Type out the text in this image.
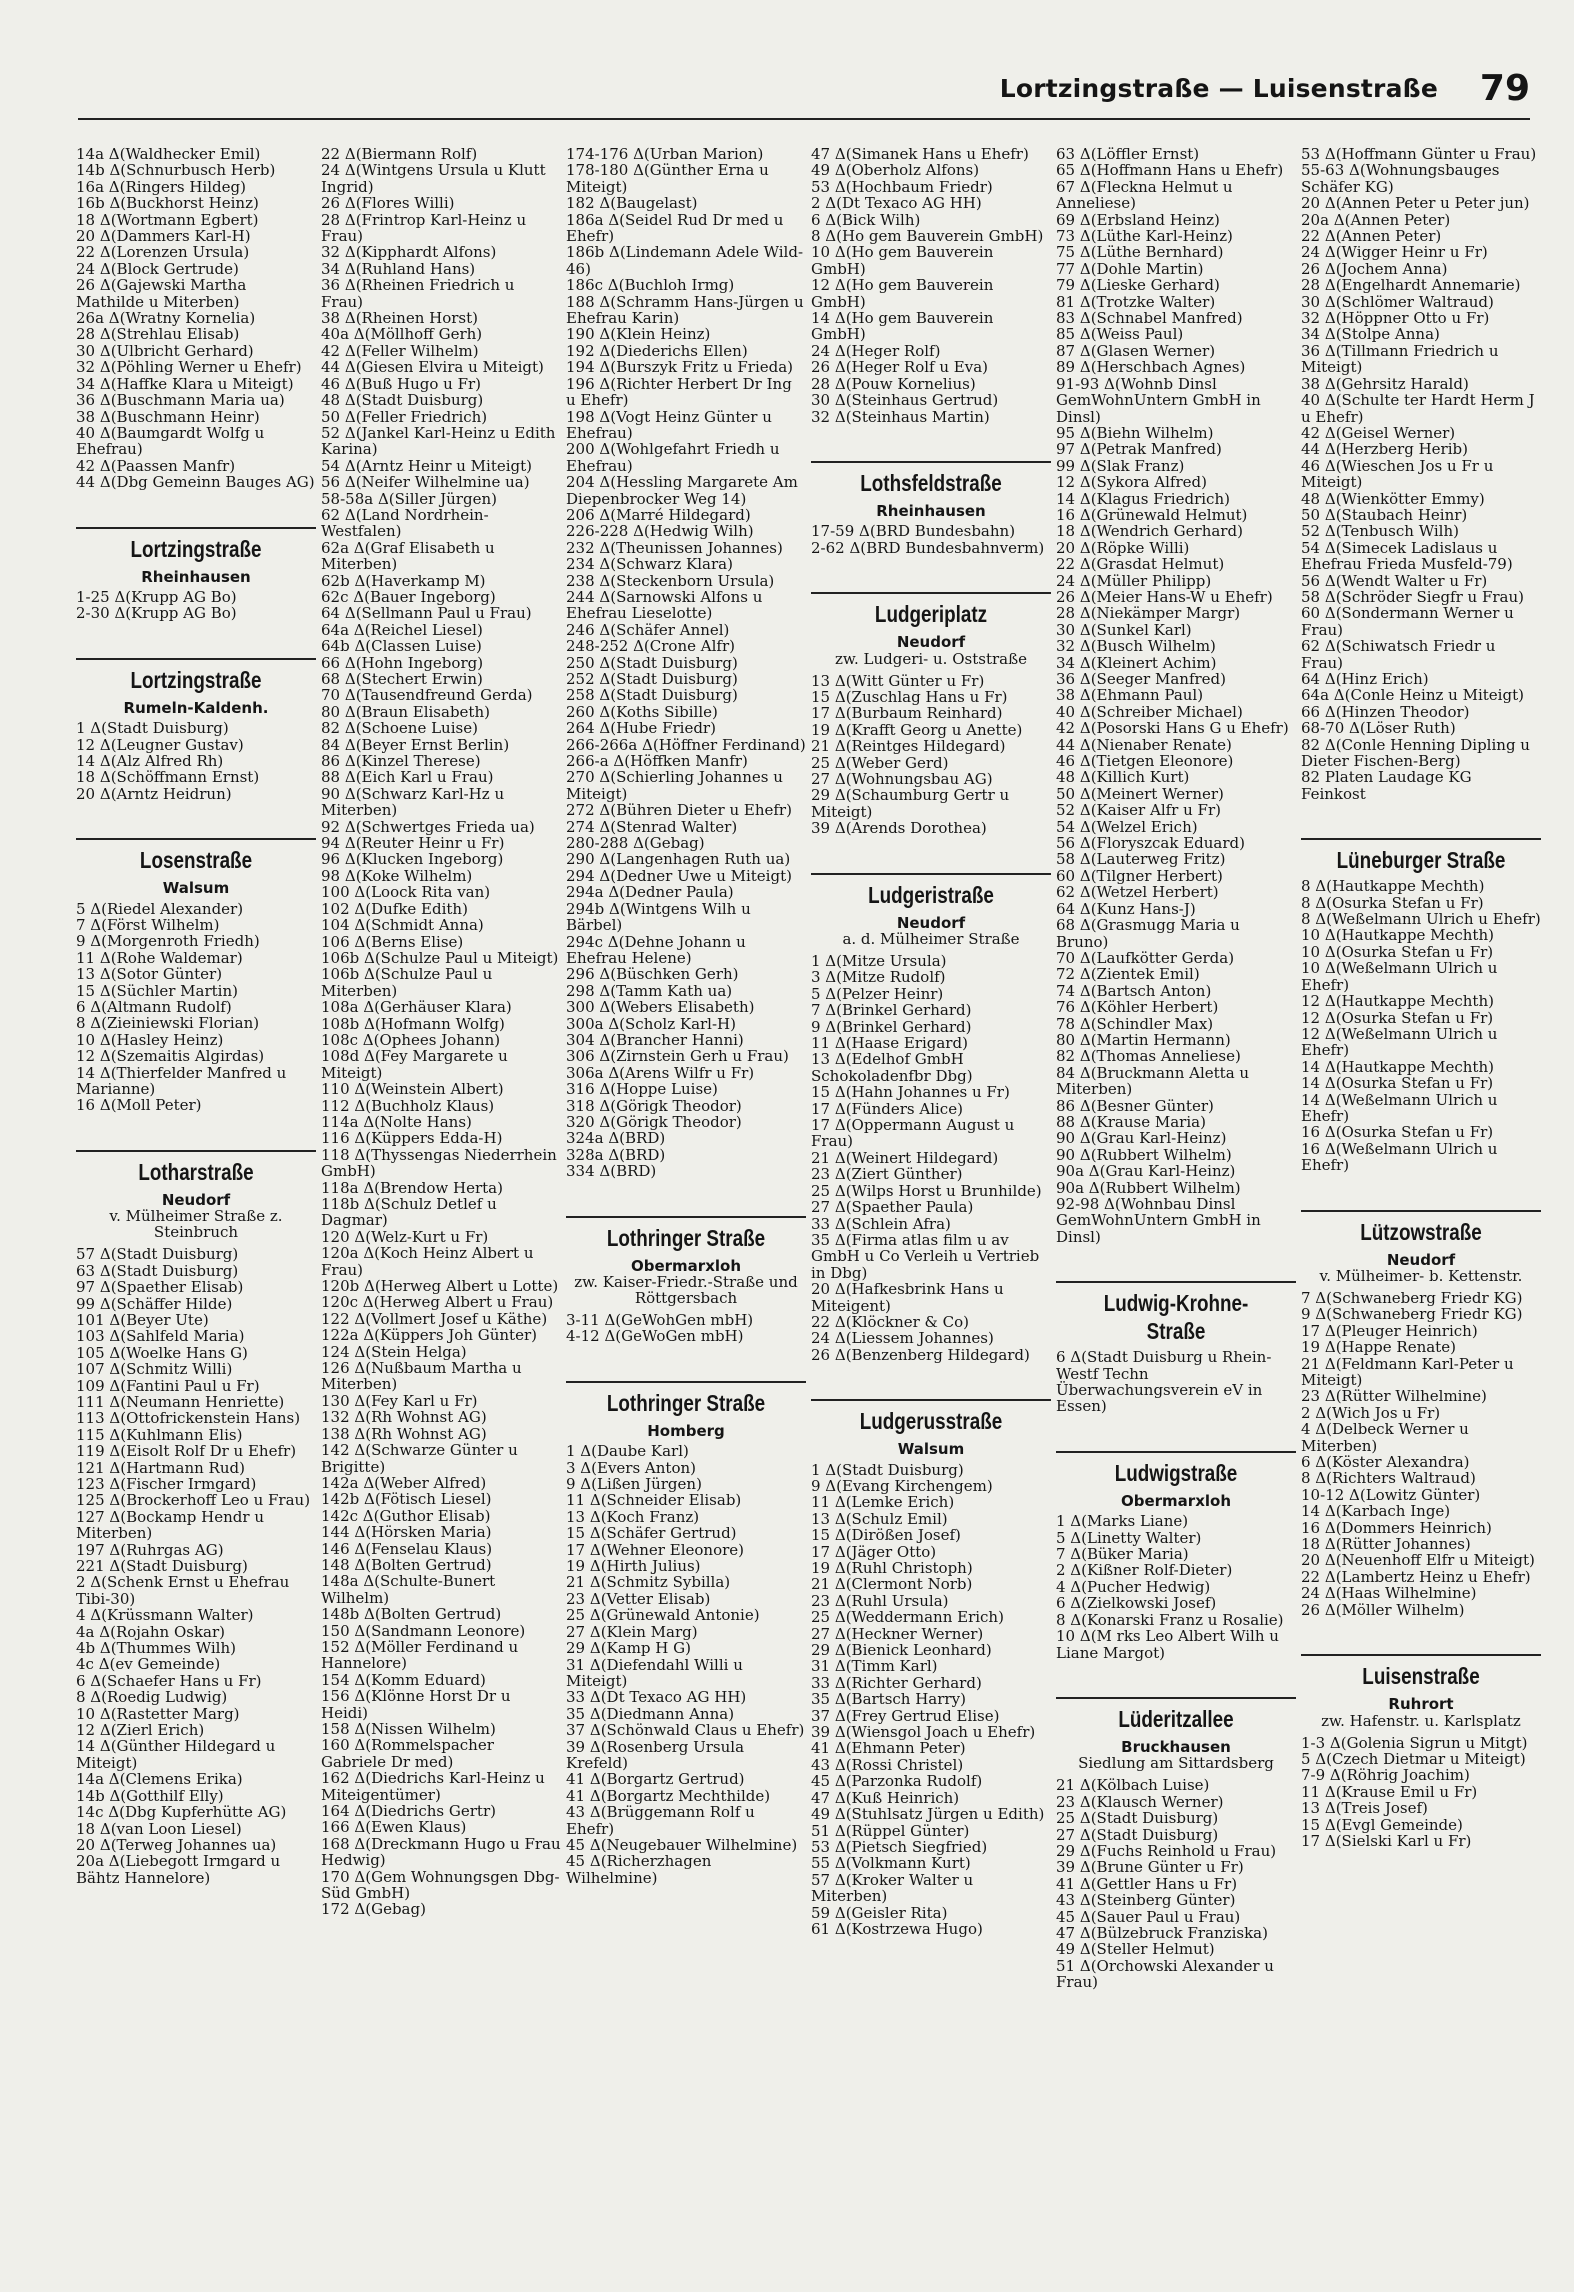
Lortzingstraße — Luisenstraße 79
14a Δ(Waldhecker Emil)
14b Δ(Schnurbusch Herb)
16a Δ(Ringers Hildeg)
16b Δ(Buckhorst Heinz)
18 Δ(Wortmann Egbert)
20 Δ(Dammers Karl-H)
22 Δ(Lorenzen Ursula)
24 Δ(Block Gertrude)
26 Δ(Gajewski Martha Mathilde u Miterben)
26a Δ(Wratny Kornelia)
28 Δ(Strehlau Elisab)
30 Δ(Ulbricht Gerhard)
32 Δ(Pöhling Werner u Ehefr)
34 Δ(Haffke Klara u Miteigt)
36 Δ(Buschmann Maria ua)
38 Δ(Buschmann Heinr)
40 Δ(Baumgardt Wolfg u Ehefrau)
42 Δ(Paassen Manfr)
44 Δ(Dbg Gemeinn Bauges AG)
Lortzingstraße
Rheinhausen
1-25 Δ(Krupp AG Bo)
2-30 Δ(Krupp AG Bo)
Lortzingstraße
Rumeln-Kaldenh.
1 Δ(Stadt Duisburg)
12 Δ(Leugner Gustav)
14 Δ(Alz Alfred Rh)
18 Δ(Schöffmann Ernst)
20 Δ(Arntz Heidrun)
Losenstraße
Walsum
5 Δ(Riedel Alexander)
7 Δ(Först Wilhelm)
9 Δ(Morgenroth Friedh)
11 Δ(Rohe Waldemar)
13 Δ(Sotor Günter)
15 Δ(Süchler Martin)
6 Δ(Altmann Rudolf)
8 Δ(Zieiniewski Florian)
10 Δ(Hasley Heinz)
12 Δ(Szemaitis Algirdas)
14 Δ(Thierfelder Manfred u Marianne)
16 Δ(Moll Peter)
Lotharstraße
Neudorf
v. Mülheimer Straße z. Steinbruch
57 Δ(Stadt Duisburg)
63 Δ(Stadt Duisburg)
97 Δ(Spaether Elisab)
99 Δ(Schäffer Hilde)
101 Δ(Beyer Ute)
103 Δ(Sahlfeld Maria)
105 Δ(Woelke Hans G)
107 Δ(Schmitz Willi)
109 Δ(Fantini Paul u Fr)
111 Δ(Neumann Henriette)
113 Δ(Ottofrickenstein Hans)
115 Δ(Kuhlmann Elis)
119 Δ(Eisolt Rolf Dr u Ehefr)
121 Δ(Hartmann Rud)
123 Δ(Fischer Irmgard)
125 Δ(Brockerhoff Leo u Frau)
127 Δ(Bockamp Hendr u Miterben)
197 Δ(Ruhrgas AG)
221 Δ(Stadt Duisburg)
2 Δ(Schenk Ernst u Ehefrau Tibi-30)
4 Δ(Krüssmann Walter)
4a Δ(Rojahn Oskar)
4b Δ(Thummes Wilh)
4c Δ(ev Gemeinde)
6 Δ(Schaefer Hans u Fr)
8 Δ(Roedig Ludwig)
10 Δ(Rastetter Marg)
12 Δ(Zierl Erich)
14 Δ(Günther Hildegard u Miteigt)
14a Δ(Clemens Erika)
14b Δ(Gotthilf Elly)
14c Δ(Dbg Kupferhütte AG)
18 Δ(van Loon Liesel)
20 Δ(Terweg Johannes ua)
20a Δ(Liebegott Irmgard u Bähtz Hannelore)
22 Δ(Biermann Rolf)
24 Δ(Wintgens Ursula u Klutt Ingrid)
26 Δ(Flores Willi)
28 Δ(Frintrop Karl-Heinz u Frau)
32 Δ(Kipphardt Alfons)
34 Δ(Ruhland Hans)
36 Δ(Rheinen Friedrich u Frau)
38 Δ(Rheinen Horst)
40a Δ(Möllhoff Gerh)
42 Δ(Feller Wilhelm)
44 Δ(Giesen Elvira u Miteigt)
46 Δ(Buß Hugo u Fr)
48 Δ(Stadt Duisburg)
50 Δ(Feller Friedrich)
52 Δ(Jankel Karl-Heinz u Edith Karina)
54 Δ(Arntz Heinr u Miteigt)
56 Δ(Neifer Wilhelmine ua)
58-58a Δ(Siller Jürgen)
62 Δ(Land Nordrhein-Westfalen)
62a Δ(Graf Elisabeth u Miterben)
62b Δ(Haverkamp M)
62c Δ(Bauer Ingeborg)
64 Δ(Sellmann Paul u Frau)
64a Δ(Reichel Liesel)
64b Δ(Classen Luise)
66 Δ(Hohn Ingeborg)
68 Δ(Stechert Erwin)
70 Δ(Tausendfreund Gerda)
80 Δ(Braun Elisabeth)
82 Δ(Schoene Luise)
84 Δ(Beyer Ernst Berlin)
86 Δ(Kinzel Therese)
88 Δ(Eich Karl u Frau)
90 Δ(Schwarz Karl-Hz u Miterben)
92 Δ(Schwertges Frieda ua)
94 Δ(Reuter Heinr u Fr)
96 Δ(Klucken Ingeborg)
98 Δ(Koke Wilhelm)
100 Δ(Loock Rita van)
102 Δ(Dufke Edith)
104 Δ(Schmidt Anna)
106 Δ(Berns Elise)
106b Δ(Schulze Paul u Miteigt)
106b Δ(Schulze Paul u Miterben)
108a Δ(Gerhäuser Klara)
108b Δ(Hofmann Wolfg)
108c Δ(Ophees Johann)
108d Δ(Fey Margarete u Miteigt)
110 Δ(Weinstein Albert)
112 Δ(Buchholz Klaus)
114a Δ(Nolte Hans)
116 Δ(Küppers Edda-H)
118 Δ(Thyssengas Niederrhein GmbH)
118a Δ(Brendow Herta)
118b Δ(Schulz Detlef u Dagmar)
120 Δ(Welz-Kurt u Fr)
120a Δ(Koch Heinz Albert u Frau)
120b Δ(Herweg Albert u Lotte)
120c Δ(Herweg Albert u Frau)
122 Δ(Vollmert Josef u Käthe)
122a Δ(Küppers Joh Günter)
124 Δ(Stein Helga)
126 Δ(Nußbaum Martha u Miterben)
130 Δ(Fey Karl u Fr)
132 Δ(Rh Wohnst AG)
138 Δ(Rh Wohnst AG)
142 Δ(Schwarze Günter u Brigitte)
142a Δ(Weber Alfred)
142b Δ(Fötisch Liesel)
142c Δ(Guthor Elisab)
144 Δ(Hörsken Maria)
146 Δ(Fenselau Klaus)
148 Δ(Bolten Gertrud)
148a Δ(Schulte-Bunert Wilhelm)
148b Δ(Bolten Gertrud)
150 Δ(Sandmann Leonore)
152 Δ(Möller Ferdinand u Hannelore)
154 Δ(Komm Eduard)
156 Δ(Klönne Horst Dr u Heidi)
158 Δ(Nissen Wilhelm)
160 Δ(Rommelspacher Gabriele Dr med)
162 Δ(Diedrichs Karl-Heinz u Miteigentümer)
164 Δ(Diedrichs Gertr)
166 Δ(Ewen Klaus)
168 Δ(Dreckmann Hugo u Frau Hedwig)
170 Δ(Gem Wohnungsgen Dbg-Süd GmbH)
172 Δ(Gebag)
174-176 Δ(Urban Marion)
178-180 Δ(Günther Erna u Miteigt)
182 Δ(Baugelast)
186a Δ(Seidel Rud Dr med u Ehefr)
186b Δ(Lindemann Adele Wild-46)
186c Δ(Buchloh Irmg)
188 Δ(Schramm Hans-Jürgen u Ehefrau Karin)
190 Δ(Klein Heinz)
192 Δ(Diederichs Ellen)
194 Δ(Burszyk Fritz u Frieda)
196 Δ(Richter Herbert Dr Ing u Ehefr)
198 Δ(Vogt Heinz Günter u Ehefrau)
200 Δ(Wohlgefahrt Friedh u Ehefrau)
204 Δ(Hessling Margarete Am Diepenbrocker Weg 14)
206 Δ(Marré Hildegard)
226-228 Δ(Hedwig Wilh)
232 Δ(Theunissen Johannes)
234 Δ(Schwarz Klara)
238 Δ(Steckenborn Ursula)
244 Δ(Sarnowski Alfons u Ehefrau Lieselotte)
246 Δ(Schäfer Annel)
248-252 Δ(Crone Alfr)
250 Δ(Stadt Duisburg)
252 Δ(Stadt Duisburg)
258 Δ(Stadt Duisburg)
260 Δ(Koths Sibille)
264 Δ(Hube Friedr)
266-266a Δ(Höffner Ferdinand)
266-a Δ(Höffken Manfr)
270 Δ(Schierling Johannes u Miteigt)
272 Δ(Bühren Dieter u Ehefr)
274 Δ(Stenrad Walter)
280-288 Δ(Gebag)
290 Δ(Langenhagen Ruth ua)
294 Δ(Dedner Uwe u Miteigt)
294a Δ(Dedner Paula)
294b Δ(Wintgens Wilh u Bärbel)
294c Δ(Dehne Johann u Ehefrau Helene)
296 Δ(Büschken Gerh)
298 Δ(Tamm Kath ua)
300 Δ(Webers Elisabeth)
300a Δ(Scholz Karl-H)
304 Δ(Brancher Hanni)
306 Δ(Zirnstein Gerh u Frau)
306a Δ(Arens Wilfr u Fr)
316 Δ(Hoppe Luise)
318 Δ(Görigk Theodor)
320 Δ(Görigk Theodor)
324a Δ(BRD)
328a Δ(BRD)
334 Δ(BRD)
Lothringer Straße
Obermarxloh
zw. Kaiser-Friedr.-Straße und Röttgersbach
3-11 Δ(GeWohGen mbH)
4-12 Δ(GeWoGen mbH)
Lothringer Straße
Homberg
1 Δ(Daube Karl)
3 Δ(Evers Anton)
9 Δ(Lißen Jürgen)
11 Δ(Schneider Elisab)
13 Δ(Koch Franz)
15 Δ(Schäfer Gertrud)
17 Δ(Wehner Eleonore)
19 Δ(Hirth Julius)
21 Δ(Schmitz Sybilla)
23 Δ(Vetter Elisab)
25 Δ(Grünewald Antonie)
27 Δ(Klein Marg)
29 Δ(Kamp H G)
31 Δ(Diefendahl Willi u Miteigt)
33 Δ(Dt Texaco AG HH)
35 Δ(Diedmann Anna)
37 Δ(Schönwald Claus u Ehefr)
39 Δ(Rosenberg Ursula Krefeld)
41 Δ(Borgartz Gertrud)
41 Δ(Borgartz Mechthilde)
43 Δ(Brüggemann Rolf u Ehefr)
45 Δ(Neugebauer Wilhelmine)
45 Δ(Richerzhagen Wilhelmine)
47 Δ(Simanek Hans u Ehefr)
49 Δ(Oberholz Alfons)
53 Δ(Hochbaum Friedr)
2 Δ(Dt Texaco AG HH)
6 Δ(Bick Wilh)
8 Δ(Ho gem Bauverein GmbH)
10 Δ(Ho gem Bauverein GmbH)
12 Δ(Ho gem Bauverein GmbH)
14 Δ(Ho gem Bauverein GmbH)
24 Δ(Heger Rolf)
26 Δ(Heger Rolf u Eva)
28 Δ(Pouw Kornelius)
30 Δ(Steinhaus Gertrud)
32 Δ(Steinhaus Martin)
Lothsfeldstraße
Rheinhausen
17-59 Δ(BRD Bundesbahn)
2-62 Δ(BRD Bundesbahnverm)
Ludgeriplatz
Neudorf
zw. Ludgeri- u. Oststraße
13 Δ(Witt Günter u Fr)
15 Δ(Zuschlag Hans u Fr)
17 Δ(Burbaum Reinhard)
19 Δ(Krafft Georg u Anette)
21 Δ(Reintges Hildegard)
25 Δ(Weber Gerd)
27 Δ(Wohnungsbau AG)
29 Δ(Schaumburg Gertr u Miteigt)
39 Δ(Arends Dorothea)
Ludgeristraße
Neudorf
a. d. Mülheimer Straße
1 Δ(Mitze Ursula)
3 Δ(Mitze Rudolf)
5 Δ(Pelzer Heinr)
7 Δ(Brinkel Gerhard)
9 Δ(Brinkel Gerhard)
11 Δ(Haase Erigard)
13 Δ(Edelhof GmbH Schokoladenfbr Dbg)
15 Δ(Hahn Johannes u Fr)
17 Δ(Fünders Alice)
17 Δ(Oppermann August u Frau)
21 Δ(Weinert Hildegard)
23 Δ(Ziert Günther)
25 Δ(Wilps Horst u Brunhilde)
27 Δ(Spaether Paula)
33 Δ(Schlein Afra)
35 Δ(Firma atlas film u av GmbH u Co Verleih u Vertrieb in Dbg)
20 Δ(Hafkesbrink Hans u Miteigent)
22 Δ(Klöckner & Co)
24 Δ(Liessem Johannes)
26 Δ(Benzenberg Hildegard)
Ludgerusstraße
Walsum
1 Δ(Stadt Duisburg)
9 Δ(Evang Kirchengem)
11 Δ(Lemke Erich)
13 Δ(Schulz Emil)
15 Δ(Dirößen Josef)
17 Δ(Jäger Otto)
19 Δ(Ruhl Christoph)
21 Δ(Clermont Norb)
23 Δ(Ruhl Ursula)
25 Δ(Weddermann Erich)
27 Δ(Heckner Werner)
29 Δ(Bienick Leonhard)
31 Δ(Timm Karl)
33 Δ(Richter Gerhard)
35 Δ(Bartsch Harry)
37 Δ(Frey Gertrud Elise)
39 Δ(Wiensgol Joach u Ehefr)
41 Δ(Ehmann Peter)
43 Δ(Rossi Christel)
45 Δ(Parzonka Rudolf)
47 Δ(Kuß Heinrich)
49 Δ(Stuhlsatz Jürgen u Edith)
51 Δ(Rüppel Günter)
53 Δ(Pietsch Siegfried)
55 Δ(Volkmann Kurt)
57 Δ(Kroker Walter u Miterben)
59 Δ(Geisler Rita)
61 Δ(Kostrzewa Hugo)
63 Δ(Löffler Ernst)
65 Δ(Hoffmann Hans u Ehefr)
67 Δ(Fleckna Helmut u Anneliese)
69 Δ(Erbsland Heinz)
73 Δ(Lüthe Karl-Heinz)
75 Δ(Lüthe Bernhard)
77 Δ(Dohle Martin)
79 Δ(Lieske Gerhard)
81 Δ(Trotzke Walter)
83 Δ(Schnabel Manfred)
85 Δ(Weiss Paul)
87 Δ(Glasen Werner)
89 Δ(Herschbach Agnes)
91-93 Δ(Wohnb Dinsl GemWohnUntern GmbH in Dinsl)
95 Δ(Biehn Wilhelm)
97 Δ(Petrak Manfred)
99 Δ(Slak Franz)
12 Δ(Sykora Alfred)
14 Δ(Klagus Friedrich)
16 Δ(Grünewald Helmut)
18 Δ(Wendrich Gerhard)
20 Δ(Röpke Willi)
22 Δ(Grasdat Helmut)
24 Δ(Müller Philipp)
26 Δ(Meier Hans-W u Ehefr)
28 Δ(Niekämper Margr)
30 Δ(Sunkel Karl)
32 Δ(Busch Wilhelm)
34 Δ(Kleinert Achim)
36 Δ(Seeger Manfred)
38 Δ(Ehmann Paul)
40 Δ(Schreiber Michael)
42 Δ(Posorski Hans G u Ehefr)
44 Δ(Nienaber Renate)
46 Δ(Tietgen Eleonore)
48 Δ(Killich Kurt)
50 Δ(Meinert Werner)
52 Δ(Kaiser Alfr u Fr)
54 Δ(Welzel Erich)
56 Δ(Floryszcak Eduard)
58 Δ(Lauterweg Fritz)
60 Δ(Tilgner Herbert)
62 Δ(Wetzel Herbert)
64 Δ(Kunz Hans-J)
68 Δ(Grasmugg Maria u Bruno)
70 Δ(Laufkötter Gerda)
72 Δ(Zientek Emil)
74 Δ(Bartsch Anton)
76 Δ(Köhler Herbert)
78 Δ(Schindler Max)
80 Δ(Martin Hermann)
82 Δ(Thomas Anneliese)
84 Δ(Bruckmann Aletta u Miterben)
86 Δ(Besner Günter)
88 Δ(Krause Maria)
90 Δ(Grau Karl-Heinz)
90 Δ(Rubbert Wilhelm)
90a Δ(Grau Karl-Heinz)
90a Δ(Rubbert Wilhelm)
92-98 Δ(Wohnbau Dinsl GemWohnUntern GmbH in Dinsl)
Ludwig-Krohne-Straße
6 Δ(Stadt Duisburg u Rhein-Westf Techn Überwachungsverein eV in Essen)
Ludwigstraße
Obermarxloh
1 Δ(Marks Liane)
5 Δ(Linetty Walter)
7 Δ(Büker Maria)
2 Δ(Kißner Rolf-Dieter)
4 Δ(Pucher Hedwig)
6 Δ(Zielkowski Josef)
8 Δ(Konarski Franz u Rosalie)
10 Δ(M rks Leo Albert Wilh u Liane Margot)
Lüderitzallee
Bruckhausen
Siedlung am Sittardsberg
21 Δ(Kölbach Luise)
23 Δ(Klausch Werner)
25 Δ(Stadt Duisburg)
27 Δ(Stadt Duisburg)
29 Δ(Fuchs Reinhold u Frau)
39 Δ(Brune Günter u Fr)
41 Δ(Gettler Hans u Fr)
43 Δ(Steinberg Günter)
45 Δ(Sauer Paul u Frau)
47 Δ(Bülzebruck Franziska)
49 Δ(Steller Helmut)
51 Δ(Orchowski Alexander u Frau)
53 Δ(Hoffmann Günter u Frau)
55-63 Δ(Wohnungsbauges Schäfer KG)
20 Δ(Annen Peter u Peter jun)
20a Δ(Annen Peter)
22 Δ(Annen Peter)
24 Δ(Wigger Heinr u Fr)
26 Δ(Jochem Anna)
28 Δ(Engelhardt Annemarie)
30 Δ(Schlömer Waltraud)
32 Δ(Höppner Otto u Fr)
34 Δ(Stolpe Anna)
36 Δ(Tillmann Friedrich u Miteigt)
38 Δ(Gehrsitz Harald)
40 Δ(Schulte ter Hardt Herm J u Ehefr)
42 Δ(Geisel Werner)
44 Δ(Herzberg Herib)
46 Δ(Wieschen Jos u Fr u Miteigt)
48 Δ(Wienkötter Emmy)
50 Δ(Staubach Heinr)
52 Δ(Tenbusch Wilh)
54 Δ(Simecek Ladislaus u Ehefrau Frieda Musfeld-79)
56 Δ(Wendt Walter u Fr)
58 Δ(Schröder Siegfr u Frau)
60 Δ(Sondermann Werner u Frau)
62 Δ(Schiwatsch Friedr u Frau)
64 Δ(Hinz Erich)
64a Δ(Conle Heinz u Miteigt)
66 Δ(Hinzen Theodor)
68-70 Δ(Löser Ruth)
82 Δ(Conle Henning Dipling u Dieter Fischen-Berg)
82 Platen Laudage KG Feinkost
Lüneburger Straße
8 Δ(Hautkappe Mechth)
8 Δ(Osurka Stefan u Fr)
8 Δ(Weßelmann Ulrich u Ehefr)
10 Δ(Hautkappe Mechth)
10 Δ(Osurka Stefan u Fr)
10 Δ(Weßelmann Ulrich u Ehefr)
12 Δ(Hautkappe Mechth)
12 Δ(Osurka Stefan u Fr)
12 Δ(Weßelmann Ulrich u Ehefr)
14 Δ(Hautkappe Mechth)
14 Δ(Osurka Stefan u Fr)
14 Δ(Weßelmann Ulrich u Ehefr)
16 Δ(Osurka Stefan u Fr)
16 Δ(Weßelmann Ulrich u Ehefr)
Lützowstraße
Neudorf
v. Mülheimer- b. Kettenstr.
7 Δ(Schwaneberg Friedr KG)
9 Δ(Schwaneberg Friedr KG)
17 Δ(Pleuger Heinrich)
19 Δ(Happe Renate)
21 Δ(Feldmann Karl-Peter u Miteigt)
23 Δ(Rütter Wilhelmine)
2 Δ(Wich Jos u Fr)
4 Δ(Delbeck Werner u Miterben)
6 Δ(Köster Alexandra)
8 Δ(Richters Waltraud)
10-12 Δ(Lowitz Günter)
14 Δ(Karbach Inge)
16 Δ(Dommers Heinrich)
18 Δ(Rütter Johannes)
20 Δ(Neuenhoff Elfr u Miteigt)
22 Δ(Lambertz Heinz u Ehefr)
24 Δ(Haas Wilhelmine)
26 Δ(Möller Wilhelm)
Luisenstraße
Ruhrort
zw. Hafenstr. u. Karlsplatz
1-3 Δ(Golenia Sigrun u Mitgt)
5 Δ(Czech Dietmar u Miteigt)
7-9 Δ(Röhrig Joachim)
11 Δ(Krause Emil u Fr)
13 Δ(Treis Josef)
15 Δ(Evgl Gemeinde)
17 Δ(Sielski Karl u Fr)
